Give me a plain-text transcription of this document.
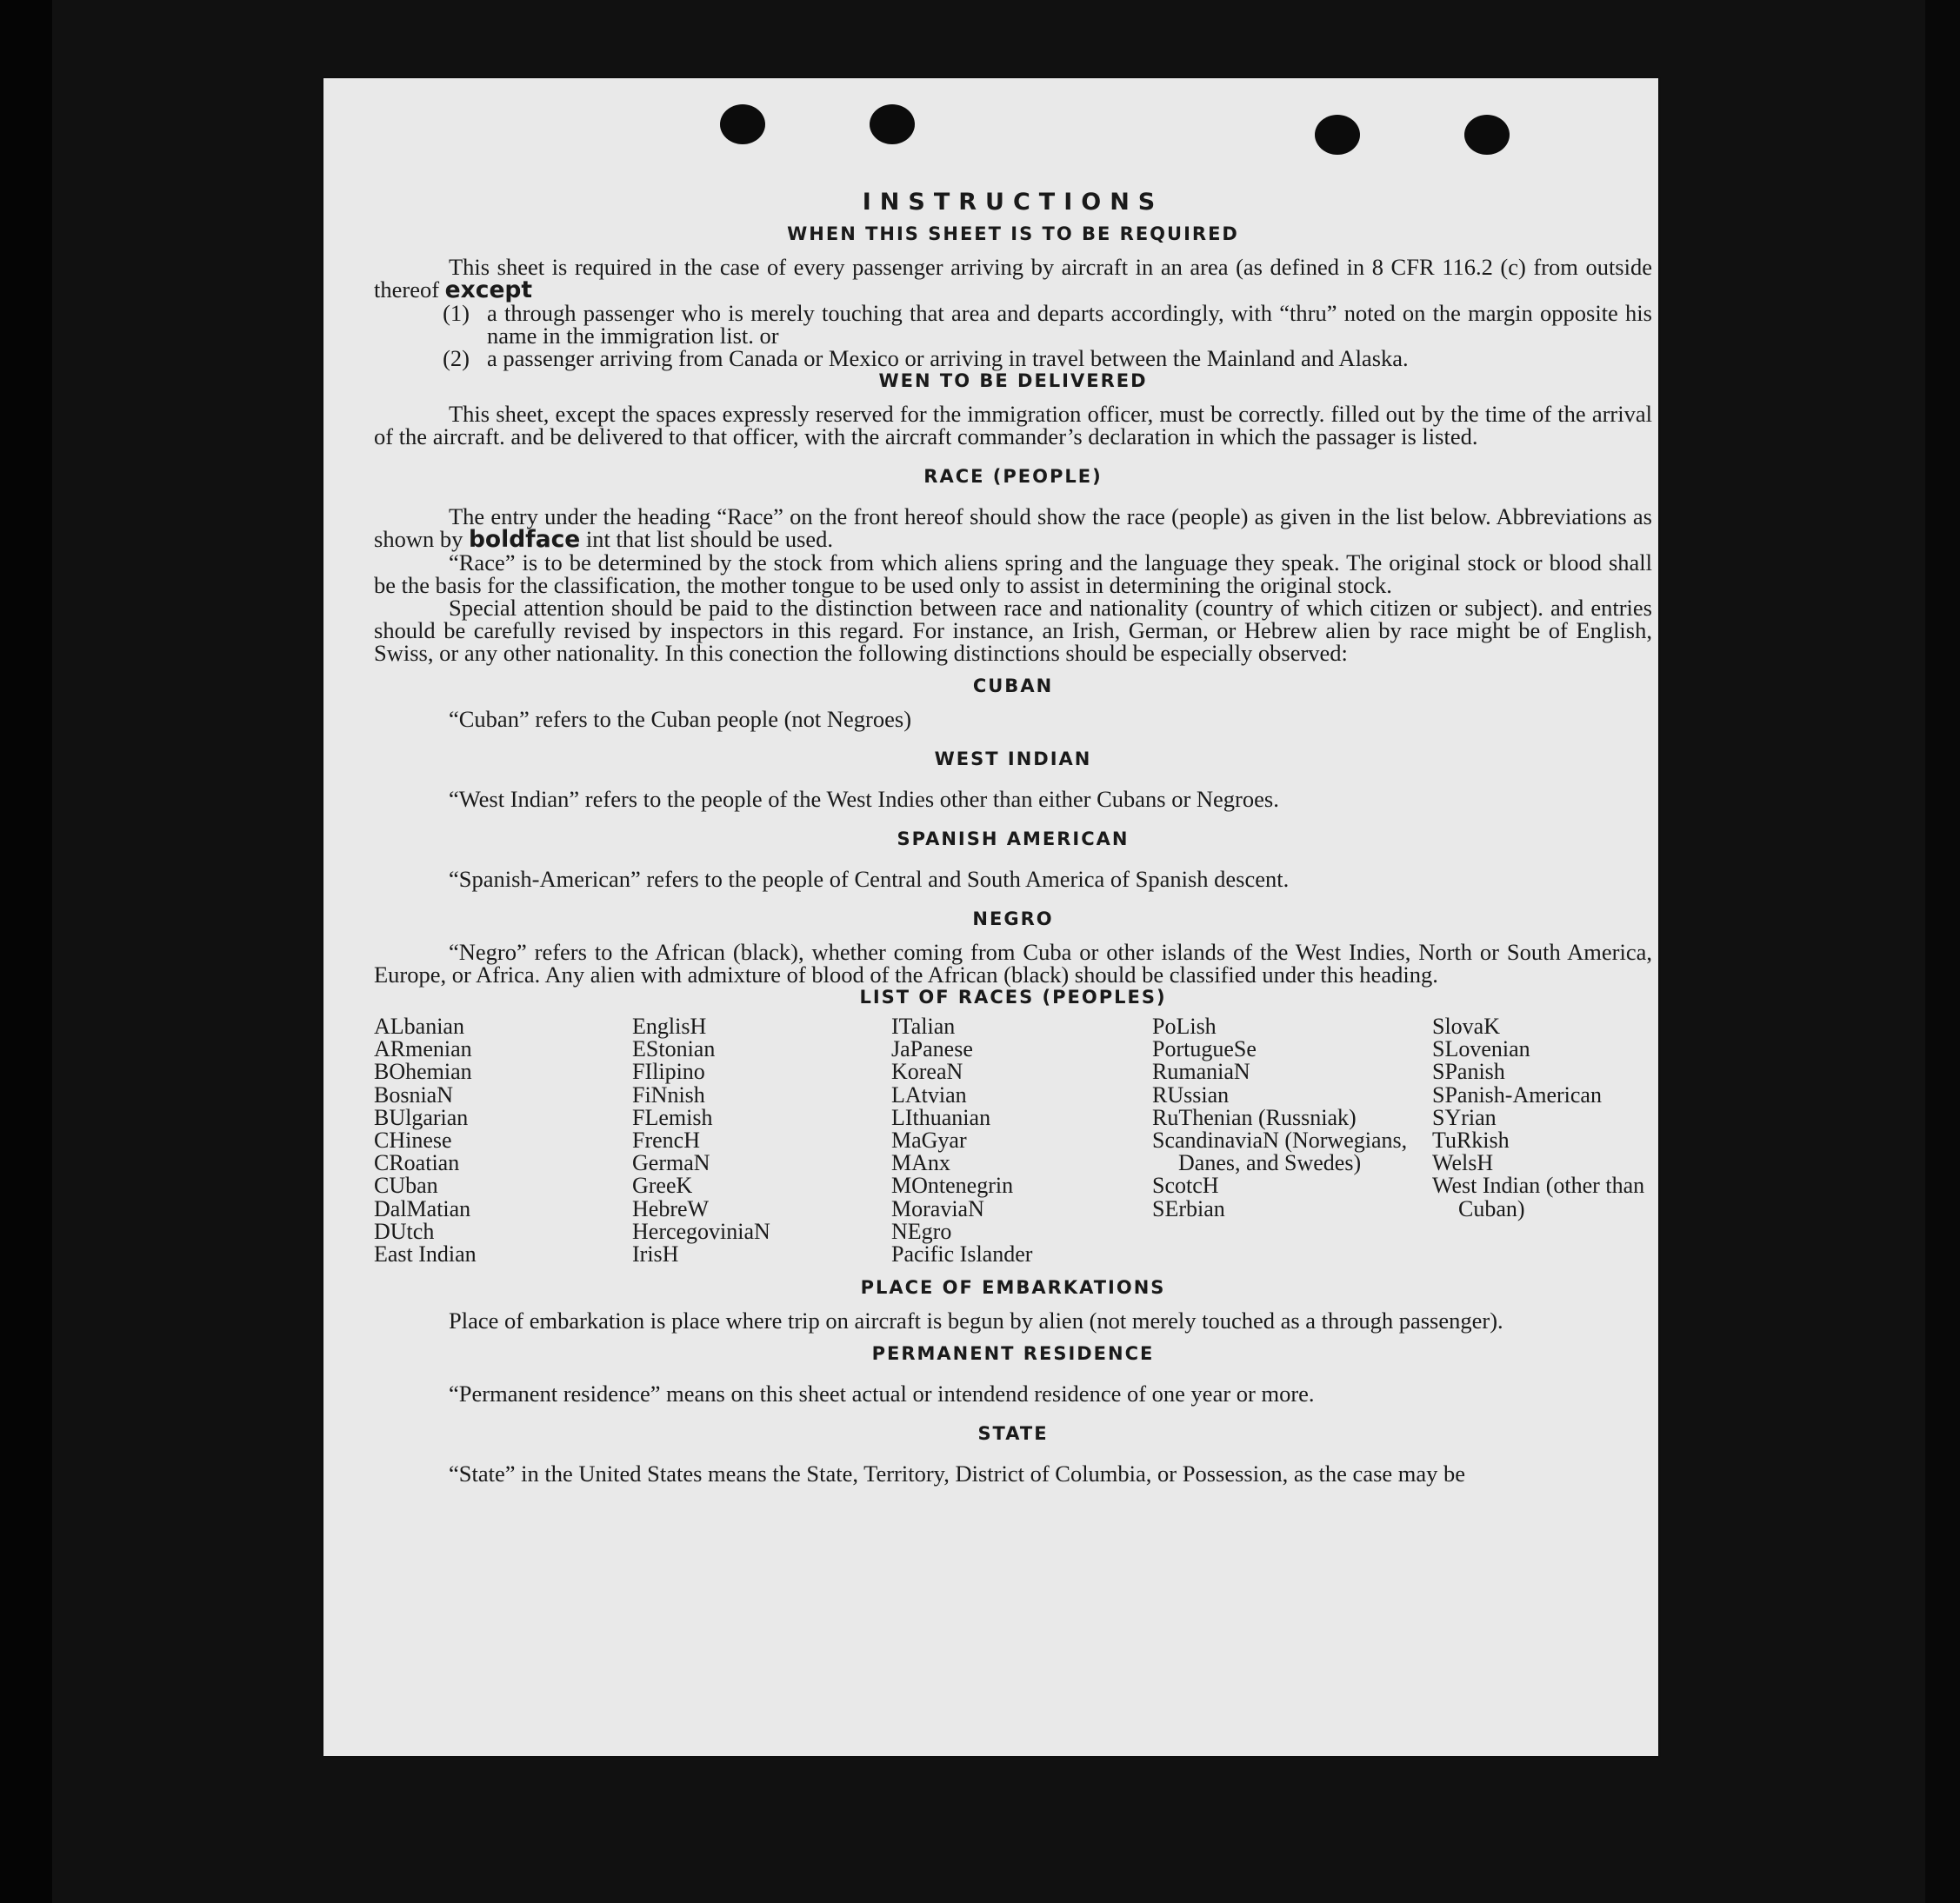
INSTRUCTIONS

WHEN THIS SHEET IS TO BE REQUIRED

This sheet is required in the case of every passenger arriving by aircraft in an area (as defined in 8 CFR 116.2 (c) from outside thereof except

(1) a through passenger who is merely touching that area and departs accordingly, with “thru” noted on the margin opposite his name in the immigration list. or
(2) a passenger arriving from Canada or Mexico or arriving in travel between the Mainland and Alaska.

WEN TO BE DELIVERED

This sheet, except the spaces expressly reserved for the immigration officer, must be correctly. filled out by the time of the arrival of the aircraft. and be delivered to that officer, with the aircraft commander’s declaration in which the passager is listed.

RACE (PEOPLE)

The entry under the heading “Race” on the front hereof should show the race (people) as given in the list below. Abbreviations as shown by boldface int that list should be used.

“Race” is to be determined by the stock from which aliens spring and the language they speak. The original stock or blood shall be the basis for the classification, the mother tongue to be used only to assist in determining the original stock.

Special attention should be paid to the distinction between race and nationality (country of which citizen or subject). and entries should be carefully revised by inspectors in this regard. For instance, an Irish, German, or Hebrew alien by race might be of English, Swiss, or any other nationality. In this conection the following distinctions should be especially observed:

CUBAN

“Cuban” refers to the Cuban people (not Negroes)

WEST INDIAN

“West Indian” refers to the people of the West Indies other than either Cubans or Negroes.

SPANISH AMERICAN

“Spanish-American” refers to the people of Central and South America of Spanish descent.

NEGRO

“Negro” refers to the African (black), whether coming from Cuba or other islands of the West Indies, North or South America, Europe, or Africa. Any alien with admixture of blood of the African (black) should be classified under this heading.

LIST OF RACES (PEOPLES)

ALbanian
ARmenian
BOhemian
BosniaN
BUlgarian
CHinese
CRoatian
CUban
DalMatian
DUtch
East Indian
EnglisH
EStonian
FIlipino
FiNnish
FLemish
FrencH
GermaN
GreeK
HebreW
HercegoviniaN
IrisH
ITalian
JaPanese
KoreaN
LAtvian
LIthuanian
MaGyar
MAnx
MOntenegrin
MoraviaN
NEgro
Pacific Islander
PoLish
PortugueSe
RumaniaN
RUssian
RuThenian (Russniak)
ScandinaviaN (Norwegians, Danes, and Swedes)
ScotcH
SErbian
SlovaK
SLovenian
SPanish
SPanish-American
SYrian
TuRkish
WelsH
West Indian (other than Cuban)

PLACE OF EMBARKATIONS

Place of embarkation is place where trip on aircraft is begun by alien (not merely touched as a through passenger).

PERMANENT RESIDENCE

“Permanent residence” means on this sheet actual or intendend residence of one year or more.

STATE

“State” in the United States means the State, Territory, District of Columbia, or Possession, as the case may be
